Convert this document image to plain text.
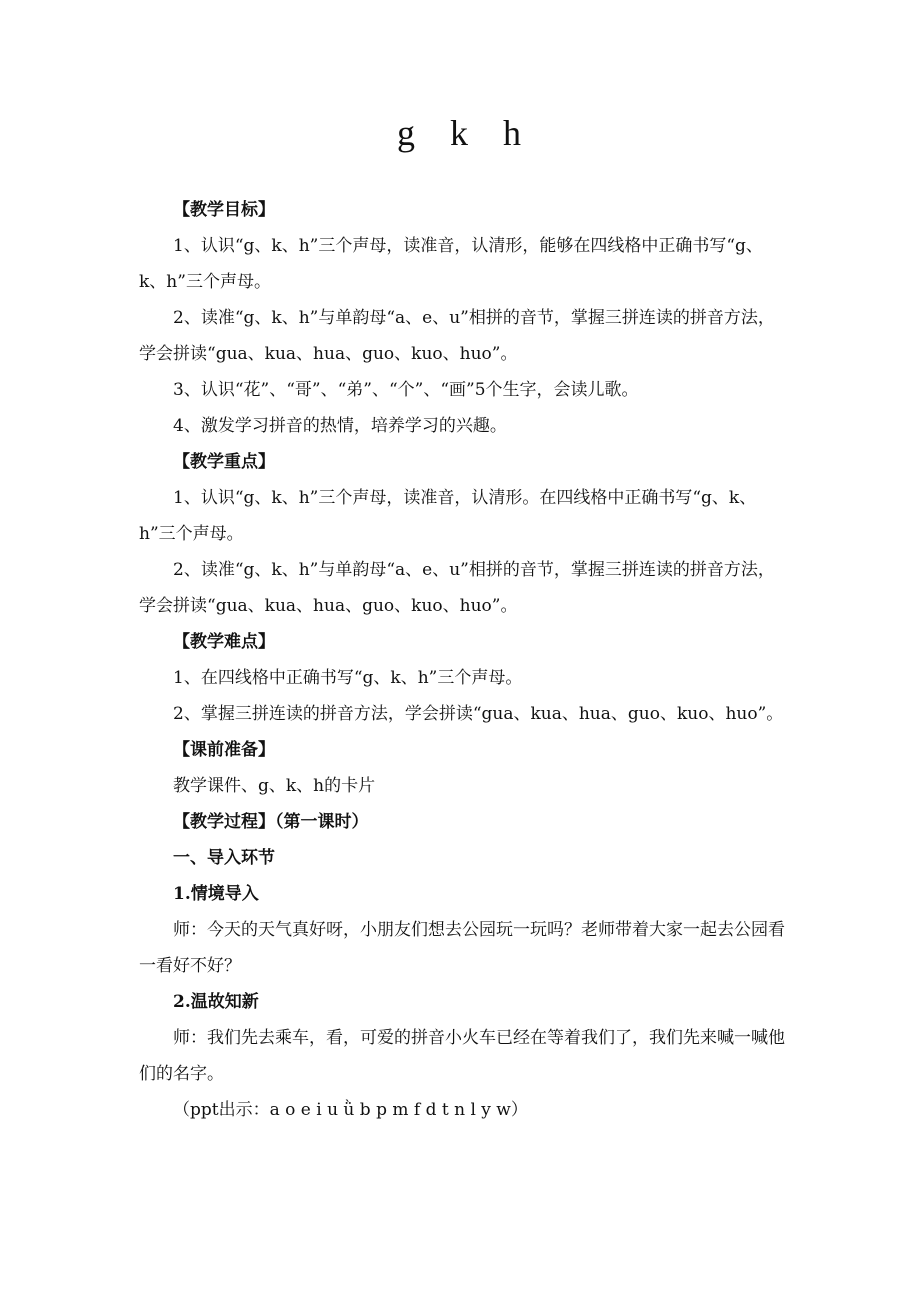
g k h

【教学目标】

1、认识“g、k、h”三个声母，读准音，认清形，能够在四线格中正确书写“g、k、h”三个声母。

2、读准“g、k、h”与单韵母“a、e、u”相拼的音节，掌握三拼连读的拼音方法，学会拼读“gua、kua、hua、guo、kuo、huo”。

3、认识“花”、“哥”、“弟”、“个”、“画”5个生字，会读儿歌。

4、激发学习拼音的热情，培养学习的兴趣。

【教学重点】

1、认识“g、k、h”三个声母，读准音，认清形。在四线格中正确书写“g、k、h”三个声母。

2、读准“g、k、h”与单韵母“a、e、u”相拼的音节，掌握三拼连读的拼音方法，学会拼读“gua、kua、hua、guo、kuo、huo”。

【教学难点】

1、在四线格中正确书写“g、k、h”三个声母。

2、掌握三拼连读的拼音方法，学会拼读“gua、kua、hua、guo、kuo、huo”。

【课前准备】

教学课件、g、k、h的卡片

【教学过程】（第一课时）

一、导入环节

1.情境导入

师：今天的天气真好呀，小朋友们想去公园玩一玩吗？老师带着大家一起去公园看一看好不好？

2.温故知新

师：我们先去乘车，看，可爱的拼音小火车已经在等着我们了，我们先来喊一喊他们的名字。

（ppt出示：a o e i u ǜ b p m f d t n l y w）
